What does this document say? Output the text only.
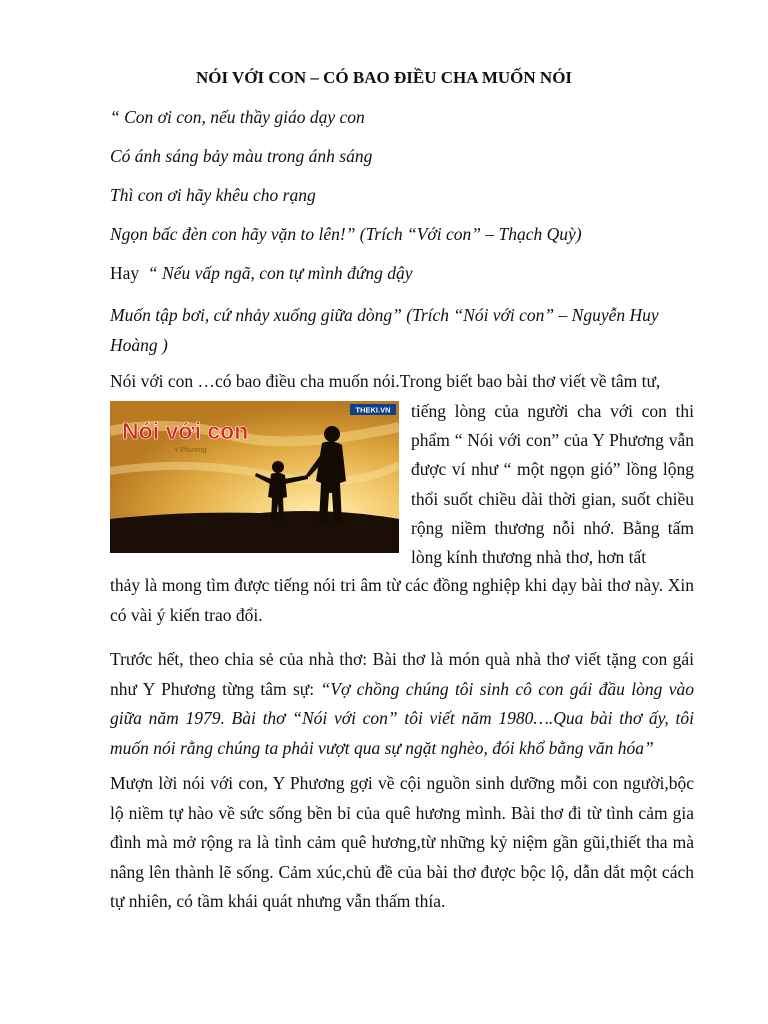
NÓI VỚI CON – CÓ BAO ĐIỀU CHA MUỐN NÓI

“ Con ơi con, nếu thầy giáo dạy con

Có ánh sáng bảy màu trong ánh sáng

Thì con ơi hãy khêu cho rạng

Ngọn bấc đèn con hãy vặn to lên!” (Trích “Với con” – Thạch Quỳ)

Hay “ Nếu vấp ngã, con tự mình đứng dậy

Muốn tập bơi, cứ nhảy xuống giữa dòng” (Trích “Nói với con” – Nguyễn Huy Hoàng )

Nói với con …có bao điều cha muốn nói.Trong biết bao bài thơ viết về tâm tư,

Nói với con
Y Phương
THEKI.VN tiếng lòng của người cha với con thi phẩm “ Nói với con” của Y Phương vẫn được ví như “ một ngọn gió” lồng lộng thổi suốt chiều dài thời gian, suốt chiều rộng niềm thương nỗi nhớ. Bằng tấm lòng kính thương nhà thơ, hơn tất

thảy là mong tìm được tiếng nói tri âm từ các đồng nghiệp khi dạy bài thơ này. Xin có vài ý kiến trao đổi.

Trước hết, theo chia sẻ của nhà thơ: Bài thơ là món quà nhà thơ viết tặng con gái như Y Phương từng tâm sự: “Vợ chồng chúng tôi sinh cô con gái đầu lòng vào giữa năm 1979. Bài thơ “Nói với con” tôi viết năm 1980….Qua bài thơ ấy, tôi muốn nói rằng chúng ta phải vượt qua sự ngặt nghèo, đói khổ bằng văn hóa”

Mượn lời nói với con, Y Phương gợi về cội nguồn sinh dưỡng mỗi con người,bộc lộ niềm tự hào về sức sống bền bỉ của quê hương mình. Bài thơ đi từ tình cảm gia đình mà mở rộng ra là tình cảm quê hương,từ những kỷ niệm gần gũi,thiết tha mà nâng lên thành lẽ sống. Cảm xúc,chủ đề của bài thơ được bộc lộ, dẫn dắt một cách tự nhiên, có tầm khái quát nhưng vẫn thấm thía.
